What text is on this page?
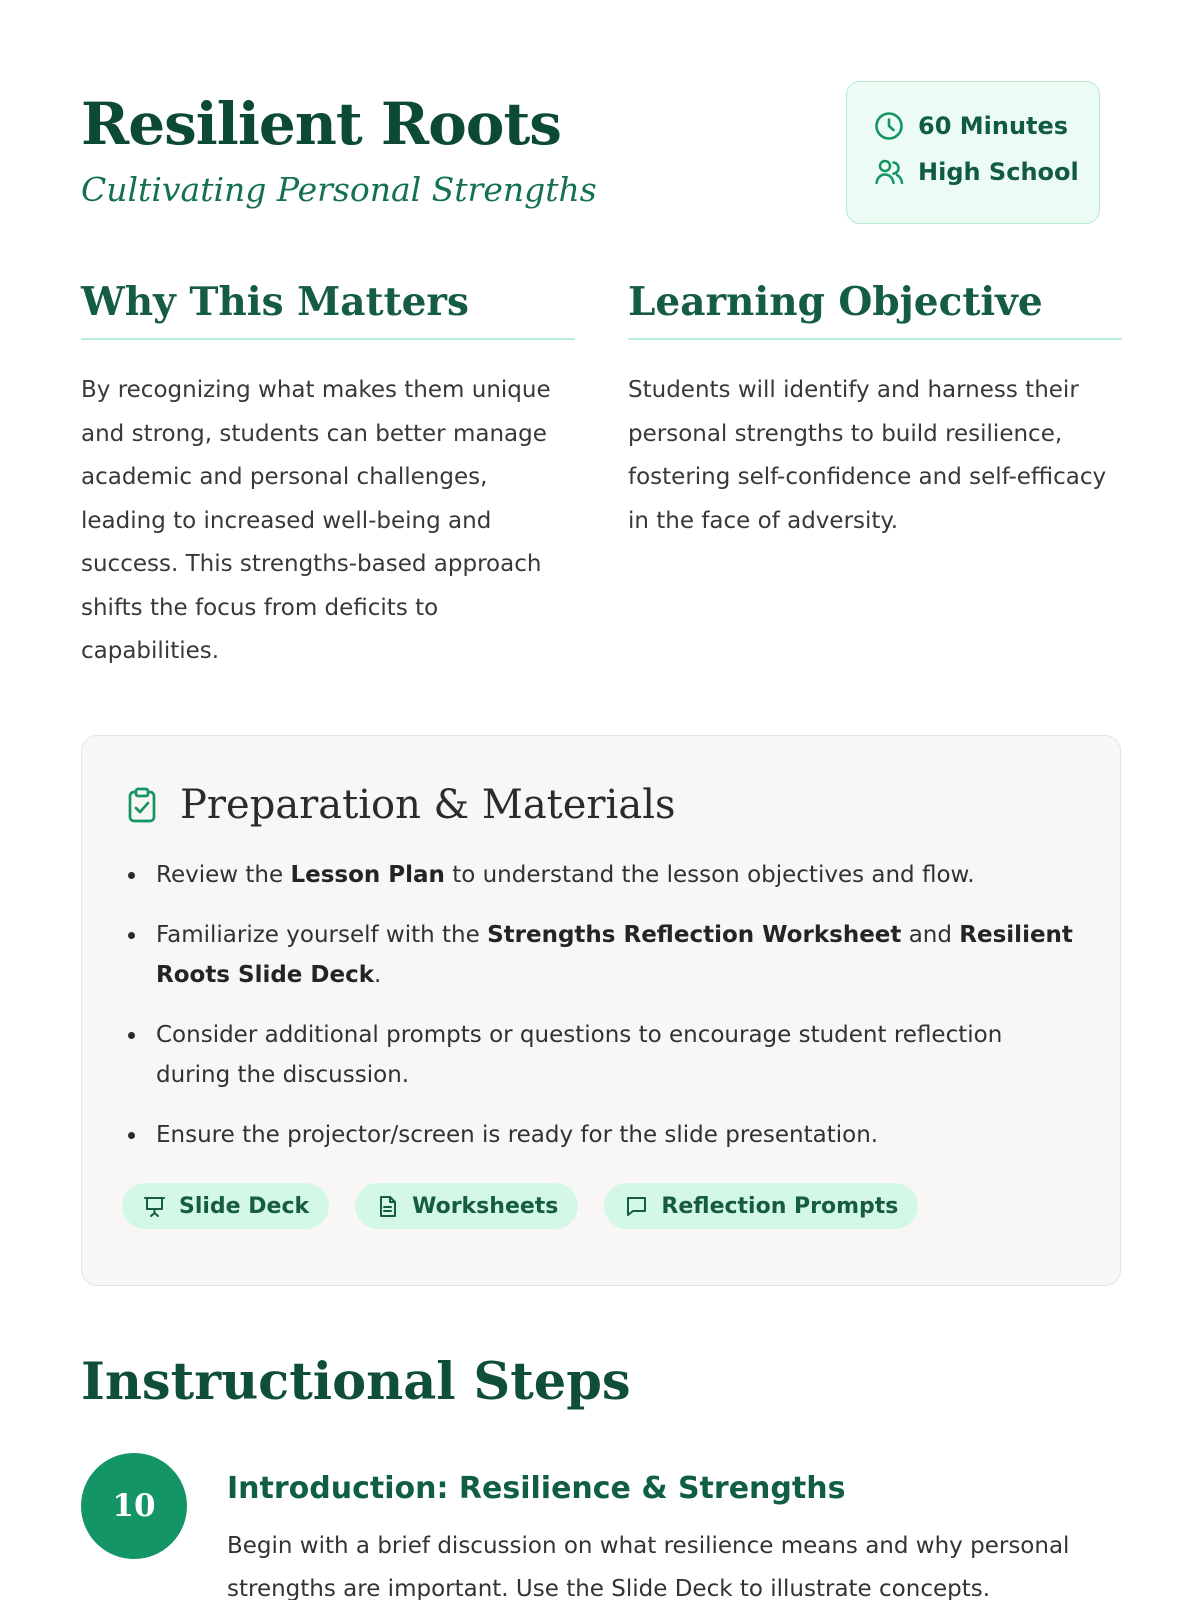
Resilient Roots
Cultivating Personal Strengths
60 Minutes
High School
Why This Matters

By recognizing what makes them unique and strong, students can better manage academic and personal challenges, leading to increased well-being and success. This strengths-based approach shifts the focus from deficits to capabilities.

Learning Objective

Students will identify and harness their personal strengths to build resilience, fostering self-confidence and self-efficacy in the face of adversity.

Preparation & Materials
Review the Lesson Plan to understand the lesson objectives and flow.
Familiarize yourself with the Strengths Reflection Worksheet and Resilient Roots Slide Deck.
Consider additional prompts or questions to encourage student reflection during the discussion.
Ensure the projector/screen is ready for the slide presentation.
Slide Deck	Worksheets	Reflection Prompts
Instructional Steps
10	Introduction: Resilience & Strengths

Begin with a brief discussion on what resilience means and why personal strengths are important. Use the Slide Deck to illustrate concepts.
